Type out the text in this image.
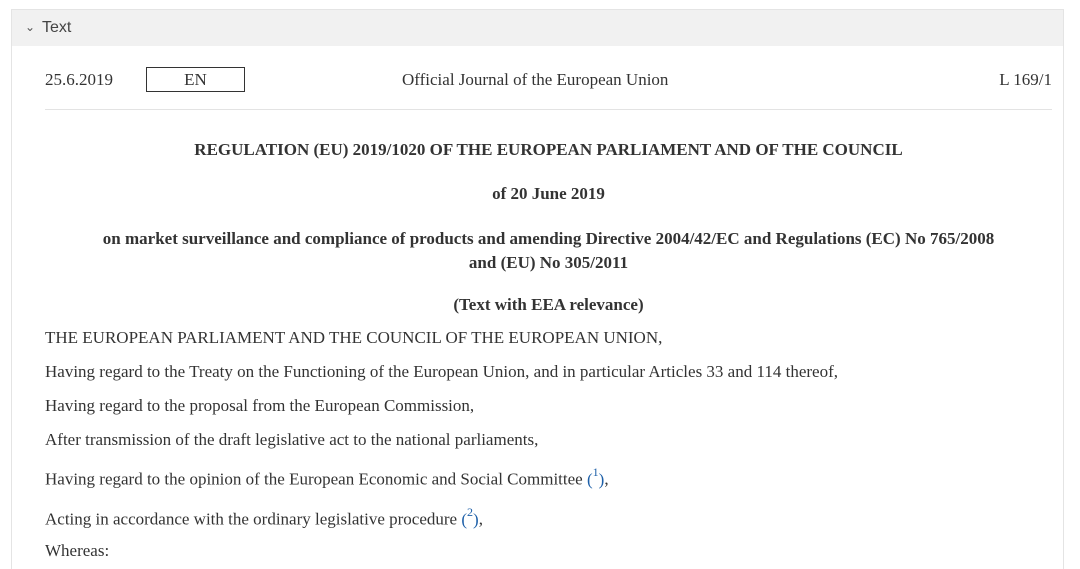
⌄ Text
25.6.2019	EN	Official Journal of the European Union	L 169/1
REGULATION (EU) 2019/1020 OF THE EUROPEAN PARLIAMENT AND OF THE COUNCIL
of 20 June 2019
on market surveillance and compliance of products and amending Directive 2004/42/EC and Regulations (EC) No 765/2008
and (EU) No 305/2011
(Text with EEA relevance)
THE EUROPEAN PARLIAMENT AND THE COUNCIL OF THE EUROPEAN UNION,
Having regard to the Treaty on the Functioning of the European Union, and in particular Articles 33 and 114 thereof,
Having regard to the proposal from the European Commission,
After transmission of the draft legislative act to the national parliaments,
Having regard to the opinion of the European Economic and Social Committee ($^1$),
Acting in accordance with the ordinary legislative procedure ($^2$),
Whereas:
